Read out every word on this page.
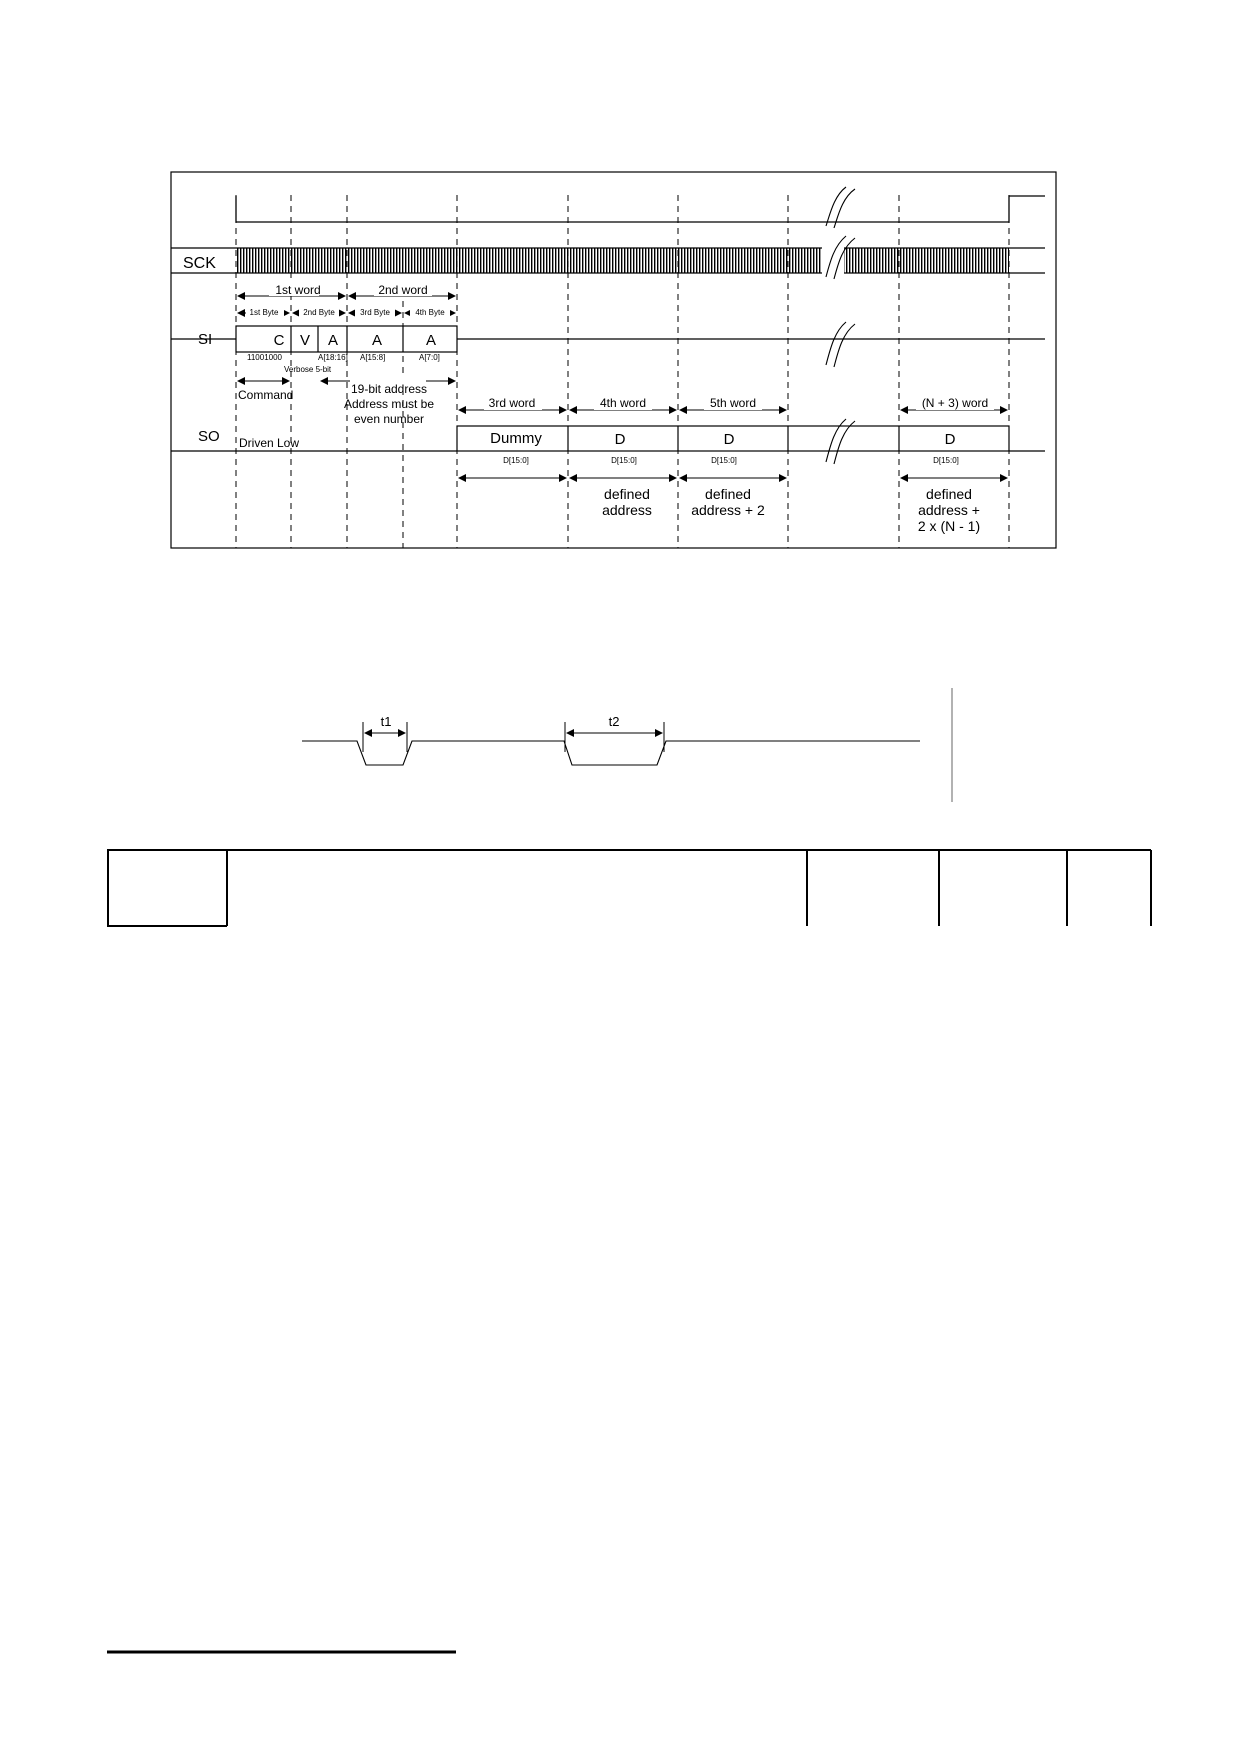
SCK
1st word	2nd word
1st Byte	2nd Byte	3rd Byte	4th Byte
SI	C V A A	A
11001000	A[18:16] A[15:8]	A[7:0]
Verbose 5-bit
Command	19-bit address
Address must be
even number
3rd word	4th word	5th word	(N + 3) word
SO Driven Low	Dummy	D	D	D
D[15:0]	D[15:0]	D[15:0]	D[15:0]
defined
address
defined
address + 2
defined
address +
2 x (N - 1)
t1	t2
